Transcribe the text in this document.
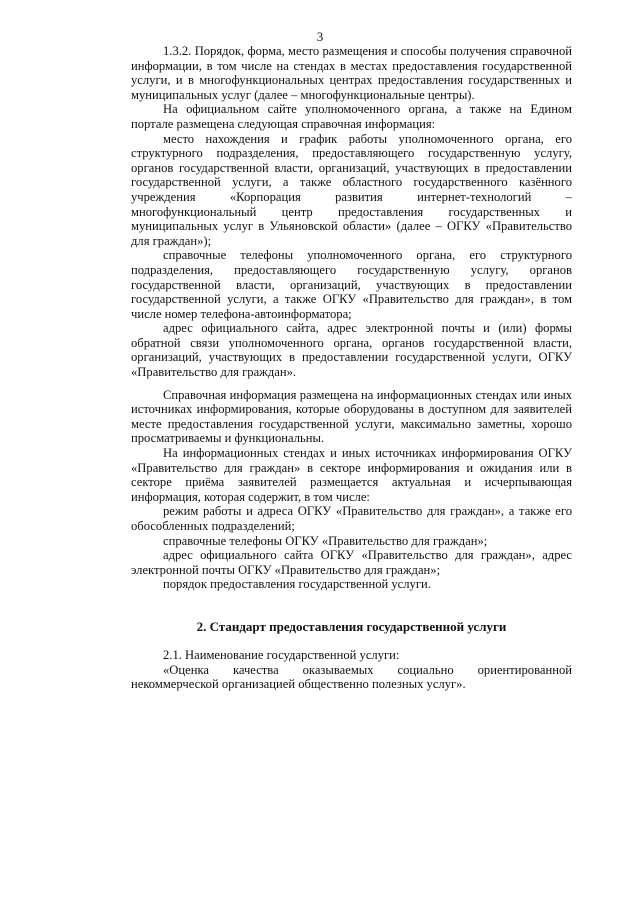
3

1.3.2. Порядок, форма, место размещения и способы получения справочной информации, в том числе на стендах в местах предоставления государственной услуги, и в многофункциональных центрах предоставления государственных и муниципальных услуг (далее – многофункциональные центры).

На официальном сайте уполномоченного органа, а также на Едином портале размещена следующая справочная информация:

место нахождения и график работы уполномоченного органа, его структурного подразделения, предоставляющего государственную услугу, органов государственной власти, организаций, участвующих в предоставлении государственной услуги, а также областного государственного казённого учреждения «Корпорация развития интернет-технологий – многофункциональный центр предоставления государственных и муниципальных услуг в Ульяновской области» (далее – ОГКУ «Правительство для граждан»);

справочные телефоны уполномоченного органа, его структурного подразделения, предоставляющего государственную услугу, органов государственной власти, организаций, участвующих в предоставлении государственной услуги, а также ОГКУ «Правительство для граждан», в том числе номер телефона-автоинформатора;

адрес официального сайта, адрес электронной почты и (или) формы обратной связи уполномоченного органа, органов государственной власти, организаций, участвующих в предоставлении государственной услуги, ОГКУ «Правительство для граждан».

Справочная информация размещена на информационных стендах или иных источниках информирования, которые оборудованы в доступном для заявителей месте предоставления государственной услуги, максимально заметны, хорошо просматриваемы и функциональны.

На информационных стендах и иных источниках информирования ОГКУ «Правительство для граждан» в секторе информирования и ожидания или в секторе приёма заявителей размещается актуальная и исчерпывающая информация, которая содержит, в том числе:

режим работы и адреса ОГКУ «Правительство для граждан», а также его обособленных подразделений;

справочные телефоны ОГКУ «Правительство для граждан»;

адрес официального сайта ОГКУ «Правительство для граждан», адрес электронной почты ОГКУ «Правительство для граждан»;

порядок предоставления государственной услуги.

2. Стандарт предоставления государственной услуги

2.1. Наименование государственной услуги:

«Оценка качества оказываемых социально ориентированной некоммерческой организацией общественно полезных услуг».
